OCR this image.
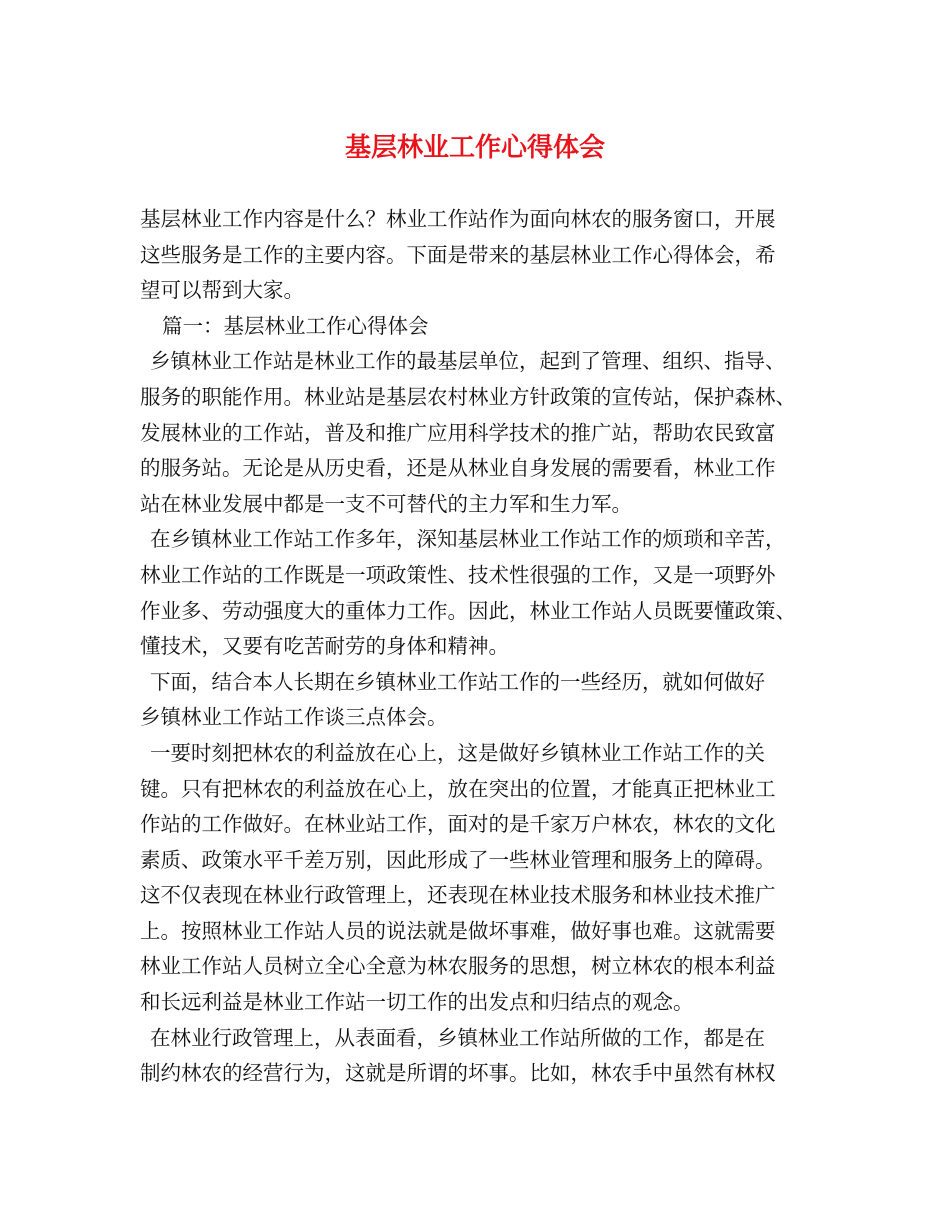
基层林业工作心得体会
基层林业工作内容是什么？林业工作站作为面向林农的服务窗口，开展
这些服务是工作的主要内容。下面是带来的基层林业工作心得体会，希
望可以帮到大家。
篇一：基层林业工作心得体会
乡镇林业工作站是林业工作的最基层单位，起到了管理、组织、指导、
服务的职能作用。林业站是基层农村林业方针政策的宣传站，保护森林、
发展林业的工作站，普及和推广应用科学技术的推广站，帮助农民致富
的服务站。无论是从历史看，还是从林业自身发展的需要看，林业工作
站在林业发展中都是一支不可替代的主力军和生力军。
在乡镇林业工作站工作多年，深知基层林业工作站工作的烦琐和辛苦，
林业工作站的工作既是一项政策性、技术性很强的工作，又是一项野外
作业多、劳动强度大的重体力工作。因此，林业工作站人员既要懂政策、
懂技术，又要有吃苦耐劳的身体和精神。
下面，结合本人长期在乡镇林业工作站工作的一些经历，就如何做好
乡镇林业工作站工作谈三点体会。
一要时刻把林农的利益放在心上，这是做好乡镇林业工作站工作的关
键。只有把林农的利益放在心上，放在突出的位置，才能真正把林业工
作站的工作做好。在林业站工作，面对的是千家万户林农，林农的文化
素质、政策水平千差万别，因此形成了一些林业管理和服务上的障碍。
这不仅表现在林业行政管理上，还表现在林业技术服务和林业技术推广
上。按照林业工作站人员的说法就是做坏事难，做好事也难。这就需要
林业工作站人员树立全心全意为林农服务的思想，树立林农的根本利益
和长远利益是林业工作站一切工作的出发点和归结点的观念。
在林业行政管理上，从表面看，乡镇林业工作站所做的工作，都是在
制约林农的经营行为，这就是所谓的坏事。比如，林农手中虽然有林权
